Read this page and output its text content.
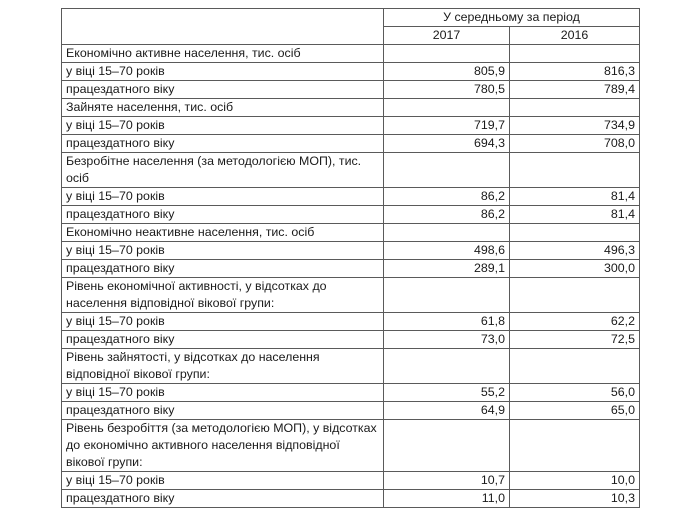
	У середньому за період	
	2017	2016
Економічно активне населення, тис. осіб		
у віці 15–70 років	805,9	816,3
працездатного віку	780,5	789,4
Зайняте населення, тис. осіб		
у віці 15–70 років	719,7	734,9
працездатного віку	694,3	708,0
Безробітне населення (за методологією МОП), тис. осіб		
у віці 15–70 років	86,2	81,4
працездатного віку	86,2	81,4
Економічно неактивне населення, тис. осіб		
у віці 15–70 років	498,6	496,3
працездатного віку	289,1	300,0
Рівень економічної активності, у відсотках до населення відповідної вікової групи:		
у віці 15–70 років	61,8	62,2
працездатного віку	73,0	72,5
Рівень зайнятості, у відсотках до населення відповідної вікової групи:		
у віці 15–70 років	55,2	56,0
працездатного віку	64,9	65,0
Рівень безробіття (за методологією МОП), у відсотках до економічно активного населення відповідної вікової групи:		
у віці 15–70 років	10,7	10,0
працездатного віку	11,0	10,3
